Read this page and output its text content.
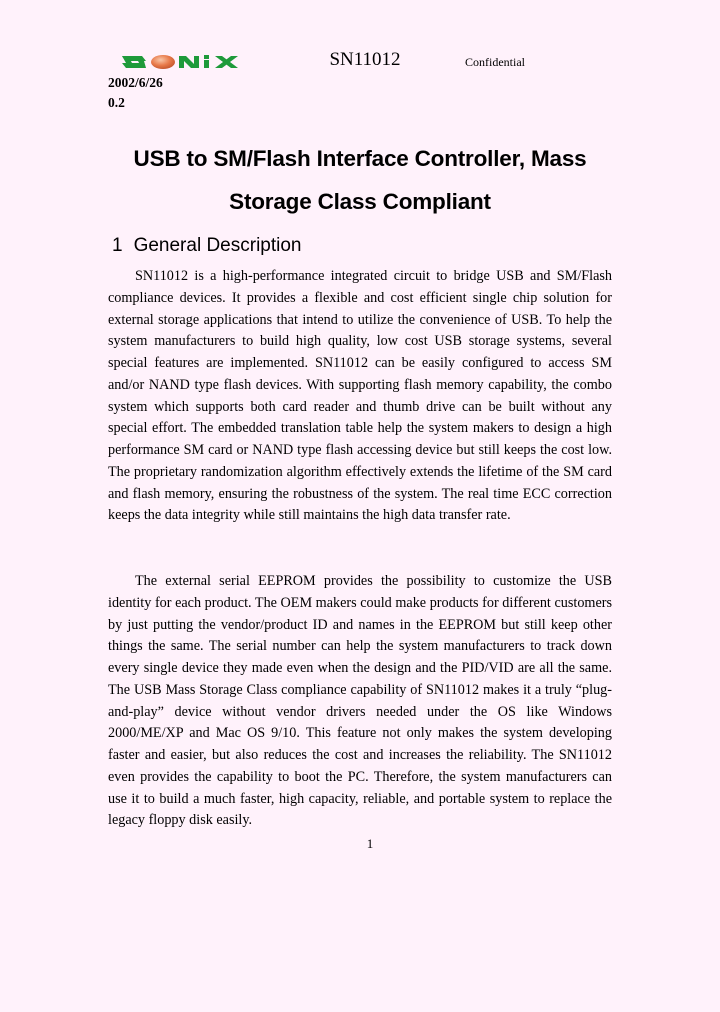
SN11012	Confidential
2002/6/26
0.2
USB to SM/Flash Interface Controller, Mass
Storage Class Compliant
1 General Description

SN11012 is a high-performance integrated circuit to bridge USB and SM/Flash compliance devices. It provides a flexible and cost efficient single chip solution for external storage applications that intend to utilize the convenience of USB. To help the system manufacturers to build high quality, low cost USB storage systems, several special features are implemented. SN11012 can be easily configured to access SM and/or NAND type flash devices. With supporting flash memory capability, the combo system which supports both card reader and thumb drive can be built without any special effort. The embedded translation table help the system makers to design a high performance SM card or NAND type flash accessing device but still keeps the cost low. The proprietary randomization algorithm effectively extends the lifetime of the SM card and flash memory, ensuring the robustness of the system. The real time ECC correction keeps the data integrity while still maintains the high data transfer rate.

The external serial EEPROM provides the possibility to customize the USB identity for each product. The OEM makers could make products for different customers by just putting the vendor/product ID and names in the EEPROM but still keep other things the same. The serial number can help the system manufacturers to track down every single device they made even when the design and the PID/VID are all the same. The USB Mass Storage Class compliance capability of SN11012 makes it a truly “plug-and-play” device without vendor drivers needed under the OS like Windows 2000/ME/XP and Mac OS 9/10. This feature not only makes the system developing faster and easier, but also reduces the cost and increases the reliability. The SN11012 even provides the capability to boot the PC. Therefore, the system manufacturers can use it to build a much faster, high capacity, reliable, and portable system to replace the legacy floppy disk easily.

1
